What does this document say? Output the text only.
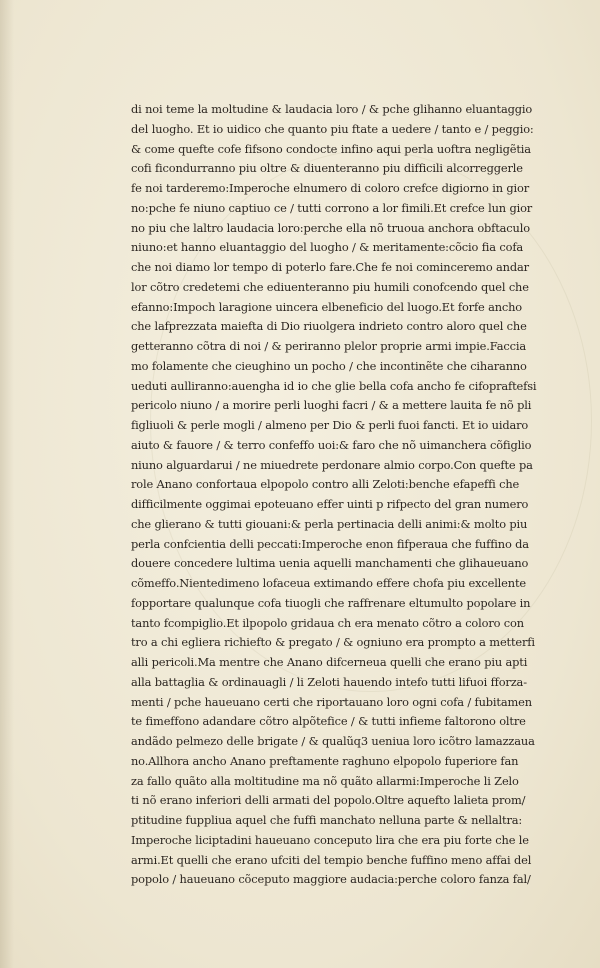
di noi teme la moltudine & laudacia loro / & pche glihanno eluantaggio
del luogho. Et io uidico che quanto piu ftate a uedere / tanto e / peggio:
& come quefte cofe fifsono condocte infino aqui perla uoftra negligẽtia
cofi ficondurranno piu oltre & diuenteranno piu difficili alcorreggerle
fe noi tarderemo:Imperoche elnumero di coloro crefce digiorno in gior
no:pche fe niuno captiuo ce / tutti corrono a lor fimili.Et crefce lun gior
no piu che laltro laudacia loro:perche ella nõ truoua anchora obftaculo
niuno:et hanno eluantaggio del luogho / & meritamente:cõcio fia cofa
che noi diamo lor tempo di poterlo fare.Che fe noi cominceremo andar
lor cõtro credetemi che ediuenteranno piu humili conofcendo quel che
efanno:Impoch laragione uincera elbeneficio del luogo.Et forfe ancho
che lafprezzata maiefta di Dio riuolgera indrieto contro aloro quel che
getteranno cõtra di noi / & periranno plelor proprie armi impie.Faccia
mo folamente che cieughino un pocho / che incontinẽte che ciharanno
ueduti aulliranno:auengha id io che glie bella cofa ancho fe cifopraftefsi
pericolo niuno / a morire perli luoghi facri / & a mettere lauita fe nõ pli
figliuoli & perle mogli / almeno per Dio & perli fuoi fancti. Et io uidaro
aiuto & fauore / & terro confeffo uoi:& faro che nõ uimanchera cõfiglio
niuno alguardarui / ne miuedrete perdonare almio corpo.Con quefte pa
role Anano confortaua elpopolo contro alli Zeloti:benche efapeffi che
difficilmente oggimai epoteuano effer uinti p rifpecto del gran numero
che glierano & tutti giouani:& perla pertinacia delli animi:& molto piu
perla confcientia delli peccati:Imperoche enon fifperaua che fuffino da
douere concedere lultima uenia aquelli manchamenti che glihaueuano
cõmeffo.Nientedimeno lofaceua extimando effere chofa piu excellente
fopportare qualunque cofa tiuogli che raffrenare eltumulto popolare in
tanto fcompiglio.Et ilpopolo gridaua ch era menato cõtro a coloro con
tro a chi egliera richiefto & pregato / & ogniuno era prompto a metterfi
alli pericoli.Ma mentre che Anano difcerneua quelli che erano piu apti
alla battaglia & ordinauagli / li Zeloti hauendo intefo tutti lifuoi fforza-
menti / pche haueuano certi che riportauano loro ogni cofa / fubitamen
te fimeffono adandare cõtro alpõtefice / & tutti infieme faltorono oltre
andãdo pelmezo delle brigate / & qualũq3 ueniua loro icõtro lamazzaua
no.Allhora ancho Anano preftamente raghuno elpopolo fuperiore fan
za fallo quãto alla moltitudine ma nõ quãto allarmi:Imperoche li Zelo
ti nõ erano inferiori delli armati del popolo.Oltre aquefto lalieta prom/
ptitudine fuppliua aquel che fuffi manchato nelluna parte & nellaltra:
Imperoche liciptadini haueuano conceputo lira che era piu forte che le
armi.Et quelli che erano ufciti del tempio benche fuffino meno affai del
popolo / haueuano cõceputo maggiore audacia:perche coloro fanza fal/
